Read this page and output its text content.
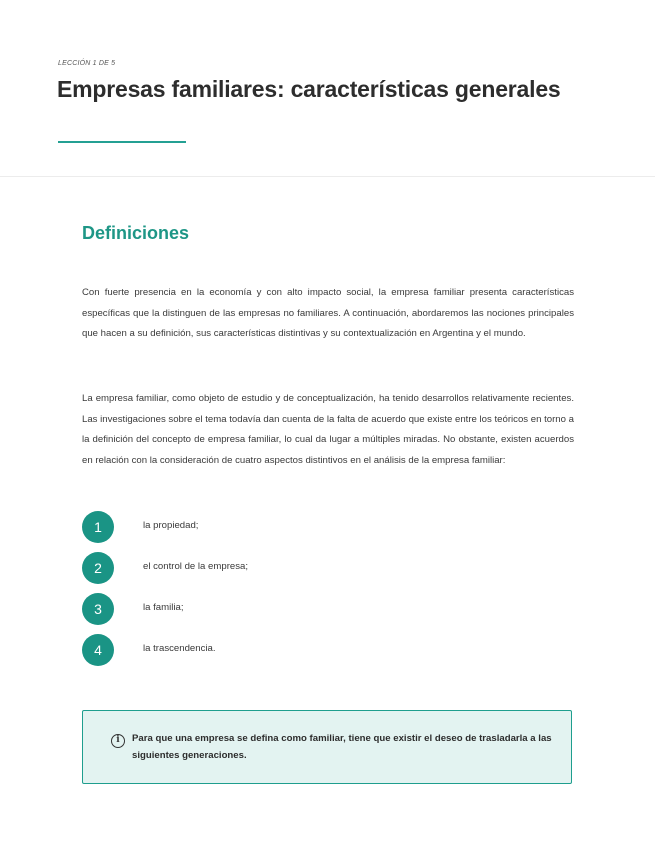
LECCIÓN 1 DE 5
Empresas familiares: características generales
Definiciones

Con fuerte presencia en la economía y con alto impacto social, la empresa familiar presenta características específicas que la distinguen de las empresas no familiares. A continuación, abordaremos las nociones principales que hacen a su definición, sus características distintivas y su contextualización en Argentina y el mundo.

La empresa familiar, como objeto de estudio y de conceptualización, ha tenido desarrollos relativamente recientes. Las investigaciones sobre el tema todavía dan cuenta de la falta de acuerdo que existe entre los teóricos en torno a la definición del concepto de empresa familiar, lo cual da lugar a múltiples miradas. No obstante, existen acuerdos en relación con la consideración de cuatro aspectos distintivos en el análisis de la empresa familiar:

1	la propiedad;
2	el control de la empresa;
3	la familia;
4	la trascendencia.
i	Para que una empresa se defina como familiar, tiene que existir el deseo de trasladarla a las siguientes generaciones.
